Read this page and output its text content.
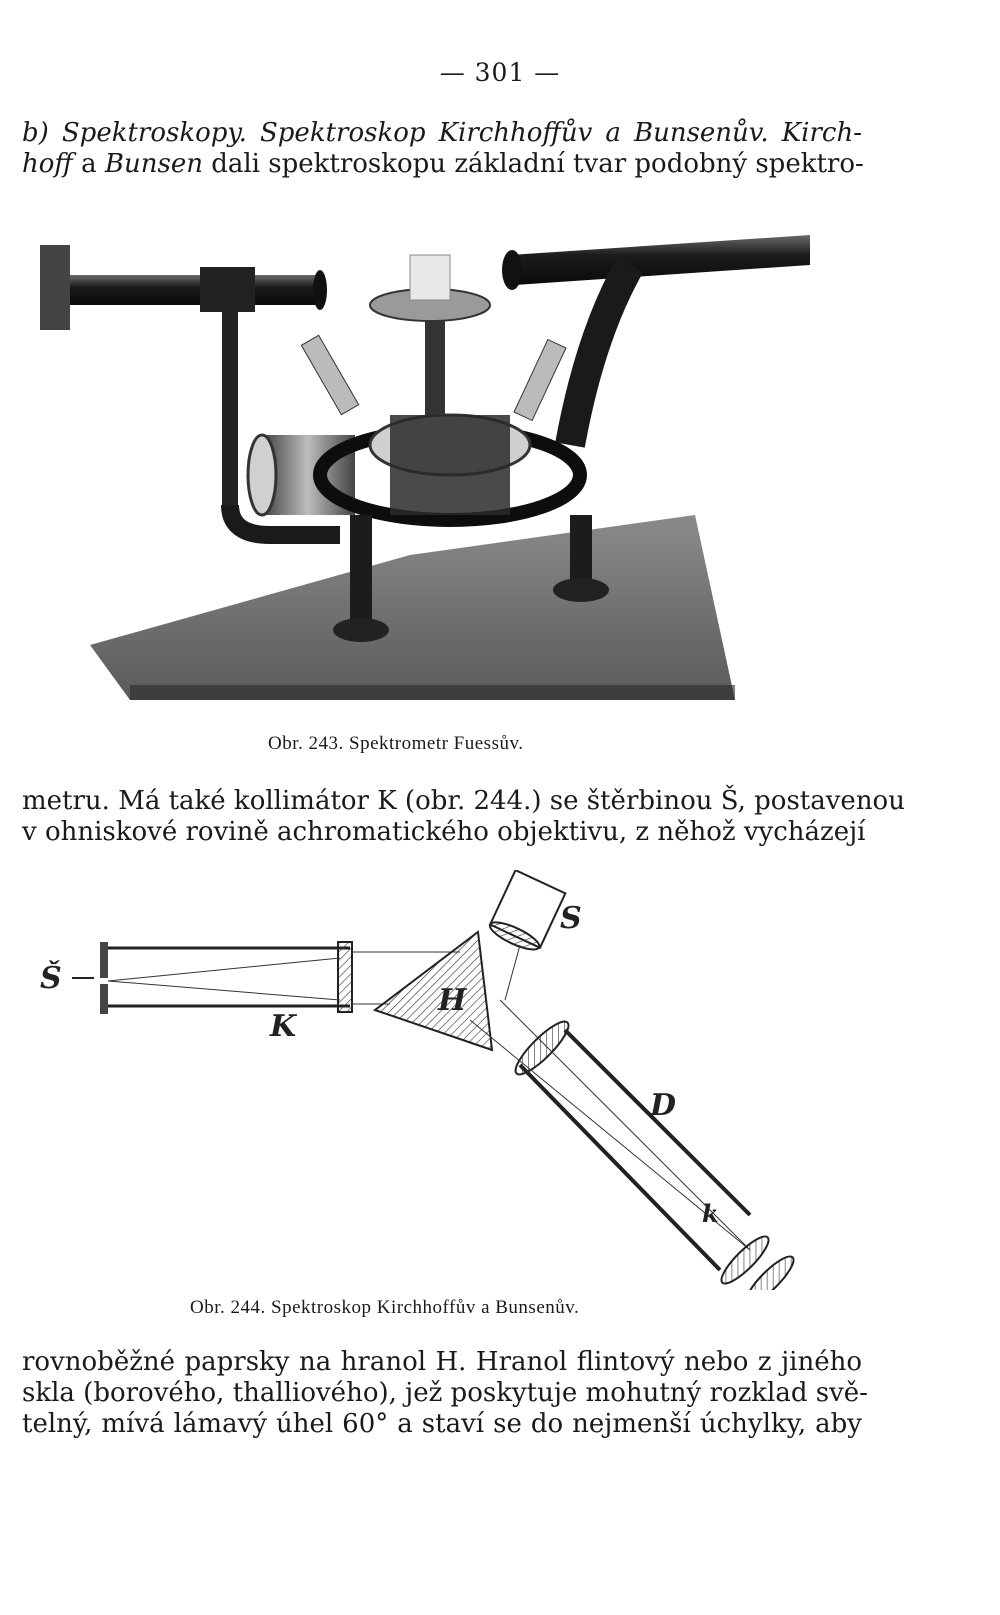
— 301 —
b) Spektroskopy. Spektroskop Kirchhoffův a Bunsenův. Kirch-
hoff a Bunsen dali spektroskopu základní tvar podobný spektro-
Obr. 243. Spektrometr Fuessův.
metru. Má také kollimátor K (obr. 244.) se štěrbinou Š, postavenou
v ohniskové rovině achromatického objektivu, z něhož vycházejí
Š
K
H
S
D
k
Obr. 244. Spektroskop Kirchhoffův a Bunsenův.
rovnoběžné paprsky na hranol H. Hranol flintový nebo z jiného
skla (borového, thalliového), jež poskytuje mohutný rozklad svě-
telný, mívá lámavý úhel 60° a staví se do nejmenší úchylky, aby
